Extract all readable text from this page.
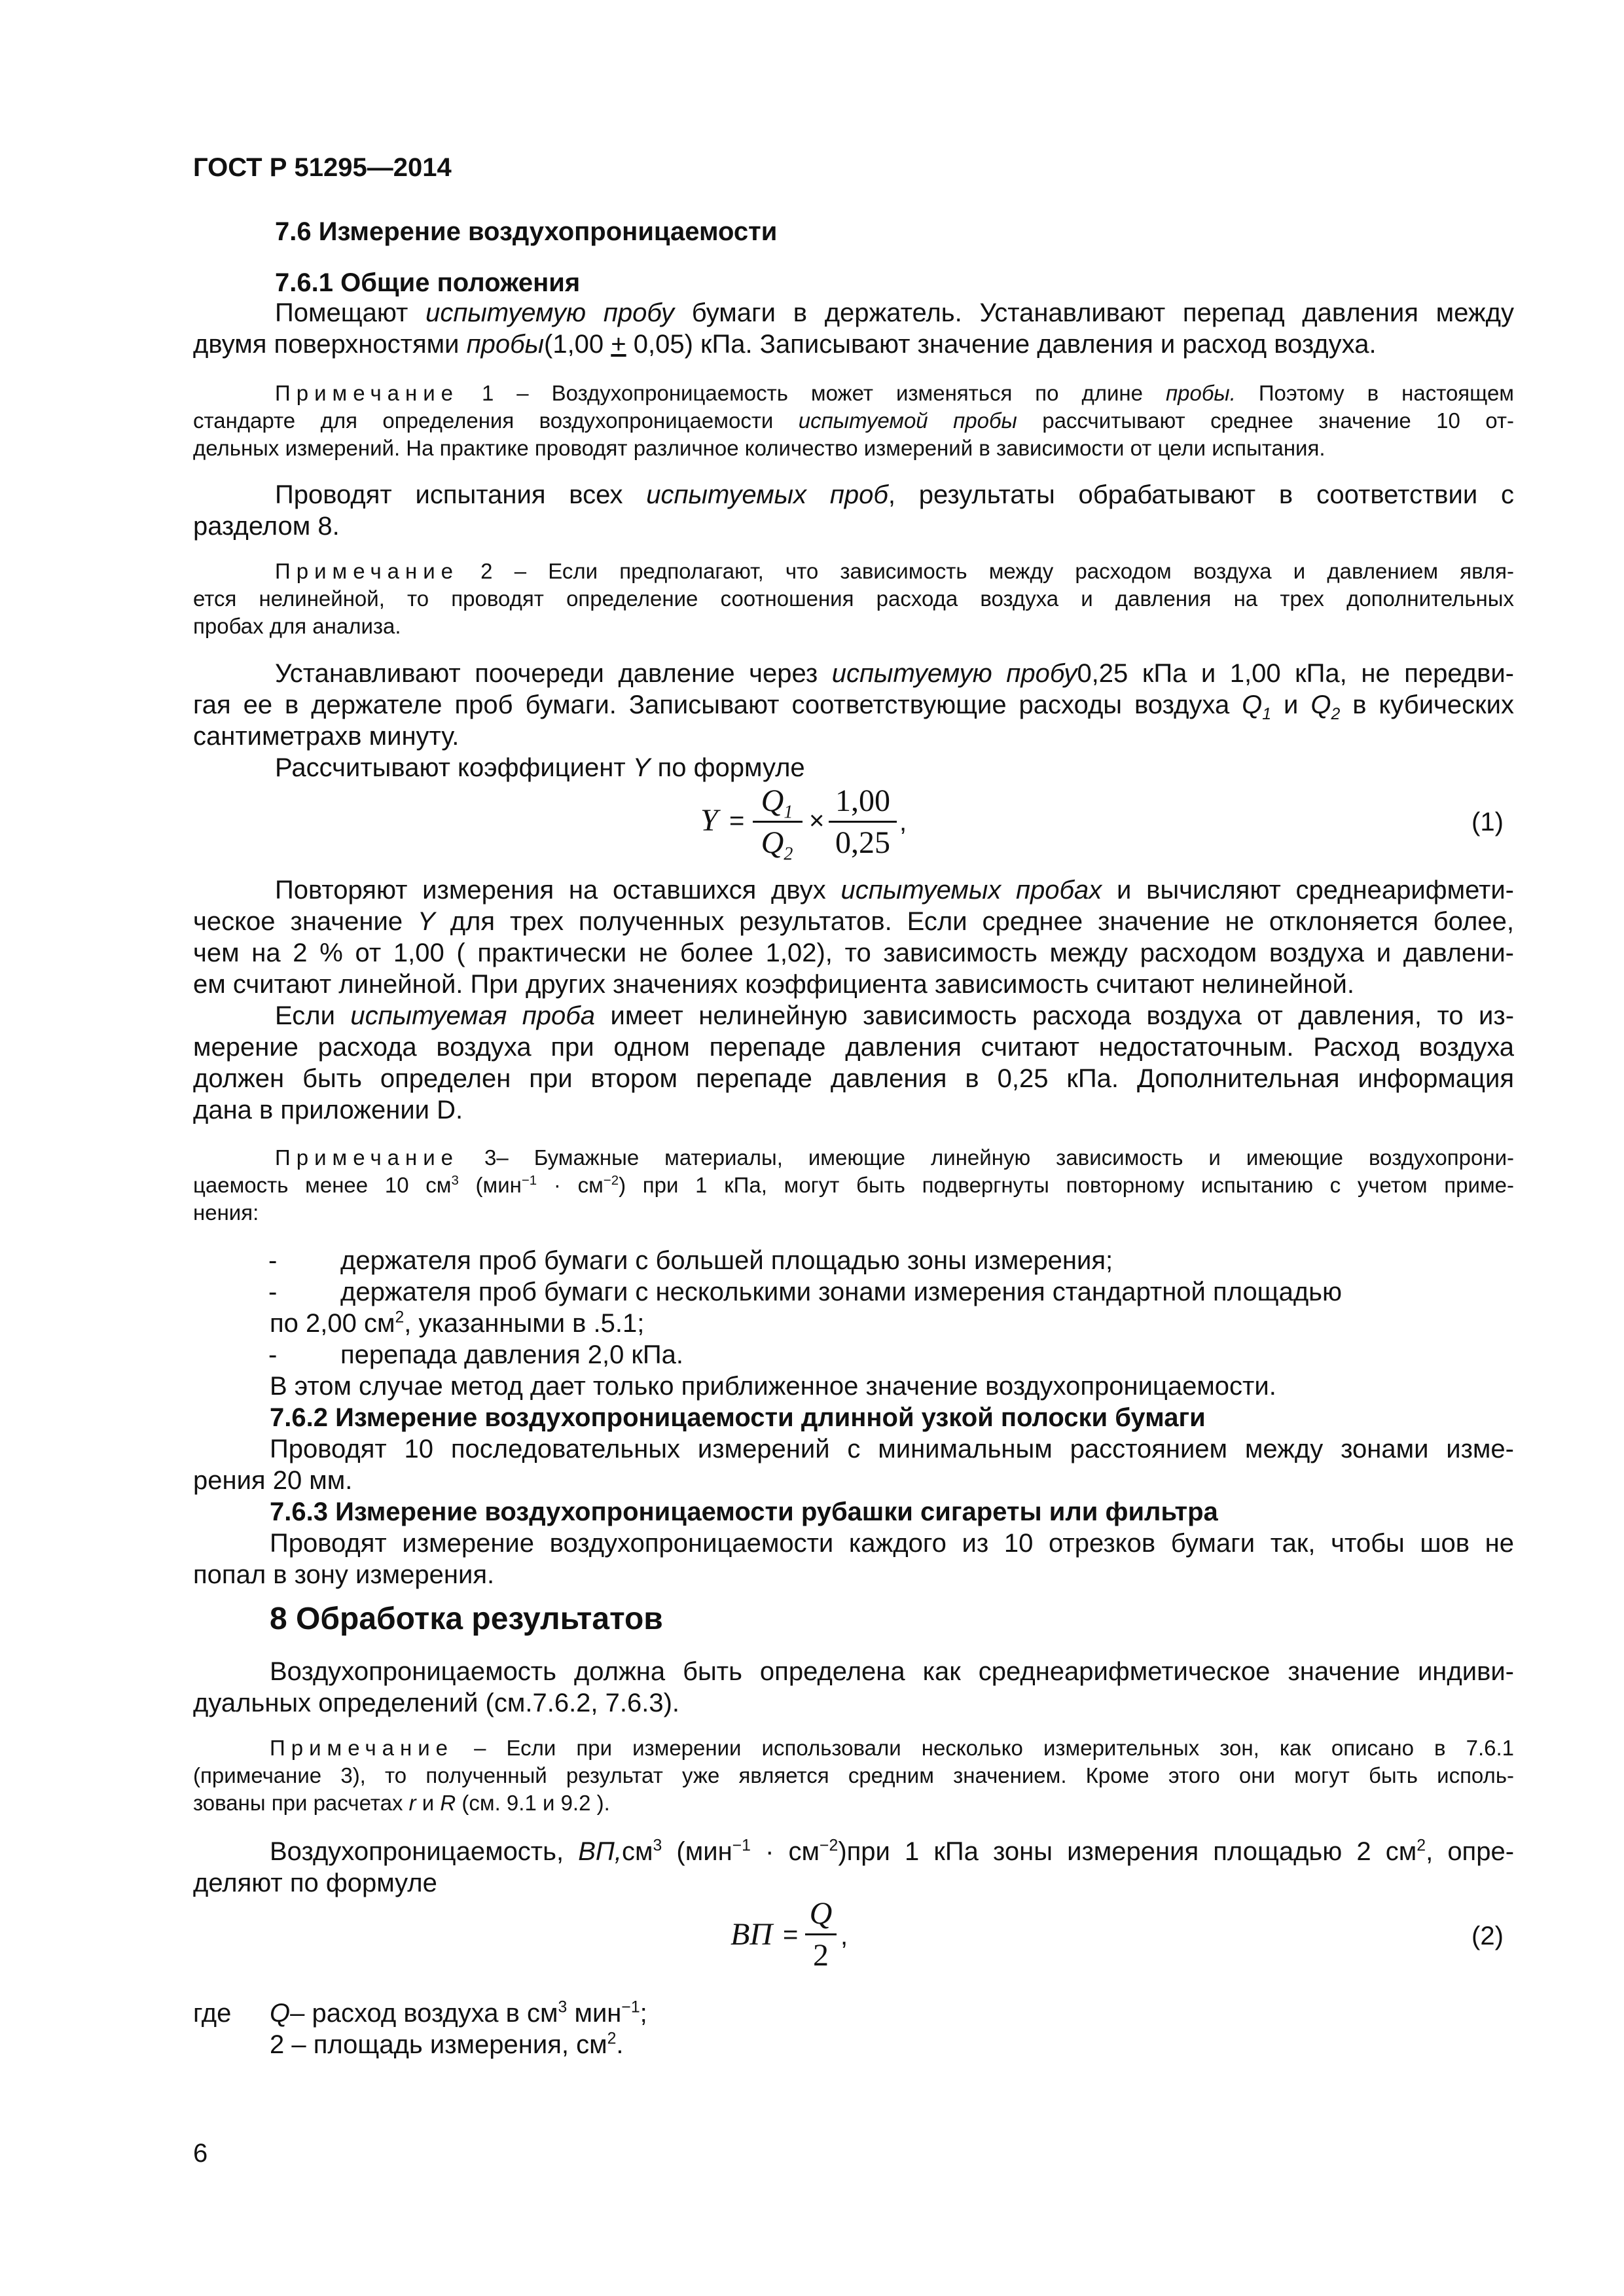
ГОСТ Р 51295—2014
7.6 Измерение воздухопроницаемости
7.6.1 Общие положения
Помещают испытуемую пробу бумаги в держатель. Устанавливают перепад давления между
двумя поверхностями пробы(1,00 + 0,05) кПа. Записывают значение давления и расход воздуха.
Примечание 1 – Воздухопроницаемость может изменяться по длине пробы. Поэтому в настоящем
стандарте для определения воздухопроницаемости испытуемой пробы рассчитывают среднее значение 10 от-
дельных измерений. На практике проводят различное количество измерений в зависимости от цели испытания.
Проводят испытания всех испытуемых проб, результаты обрабатывают в соответствии с
разделом 8.
Примечание 2 – Если предполагают, что зависимость между расходом воздуха и давлением явля-
ется нелинейной, то проводят определение соотношения расхода воздуха и давления на трех дополнительных
пробах для анализа.
Устанавливают поочереди давление через испытуемую пробу0,25 кПа и 1,00 кПа, не передви-
гая ее в держателе проб бумаги. Записывают соответствующие расходы воздуха $Q_1$ и $Q_2$ в кубических
сантиметрахв минуту.
Рассчитывают коэффициент Y по формуле
Y =
$Q_1$
$Q_2$
×
1,00
0,25
,	(1)
Повторяют измерения на оставшихся двух испытуемых пробах и вычисляют среднеарифмети-
ческое значение Y для трех полученных результатов. Если среднее значение не отклоняется более,
чем на 2 % от 1,00 ( практически не более 1,02), то зависимость между расходом воздуха и давлени-
ем считают линейной. При других значениях коэффициента зависимость считают нелинейной.
Если испытуемая проба имеет нелинейную зависимость расхода воздуха от давления, то из-
мерение расхода воздуха при одном перепаде давления считают недостаточным. Расход воздуха
должен быть определен при втором перепаде давления в 0,25 кПа. Дополнительная информация
дана в приложении D.
Примечание 3– Бумажные материалы, имеющие линейную зависимость и имеющие воздухопрони-
цаемость менее 10 $см^3$ $(мин^{-1} \cdot см^{-2})$ при 1 кПа, могут быть подвергнуты повторному испытанию с учетом приме-
нения:
- держателя проб бумаги с большей площадью зоны измерения;
- держателя проб бумаги с несколькими зонами измерения стандартной площадью
по 2,00 $см^2$, указанными в .5.1;
- перепада давления 2,0 кПа.
В этом случае метод дает только приближенное значение воздухопроницаемости.
7.6.2 Измерение воздухопроницаемости длинной узкой полоски бумаги
Проводят 10 последовательных измерений с минимальным расстоянием между зонами изме-
рения 20 мм.
7.6.3 Измерение воздухопроницаемости рубашки сигареты или фильтра
Проводят измерение воздухопроницаемости каждого из 10 отрезков бумаги так, чтобы шов не
попал в зону измерения.
8 Обработка результатов
Воздухопроницаемость должна быть определена как среднеарифметическое значение индиви-
дуальных определений (см.7.6.2, 7.6.3).
Примечание – Если при измерении использовали несколько измерительных зон, как описано в 7.6.1
(примечание 3), то полученный результат уже является средним значением. Кроме этого они могут быть исполь-
зованы при расчетах r и R (см. 9.1 и 9.2 ).
Воздухопроницаемость, $ВП,см^3$ $(мин^{-1} \cdot см^{-2})при$ 1 кПа зоны измерения площадью 2 $см^2$, опре-
деляют по формуле
ВП =
Q
2
,	(2)
где Q– расход воздуха в $см^3$ мин$^{-1}$;
2 – площадь измерения, $см^2$.
6
